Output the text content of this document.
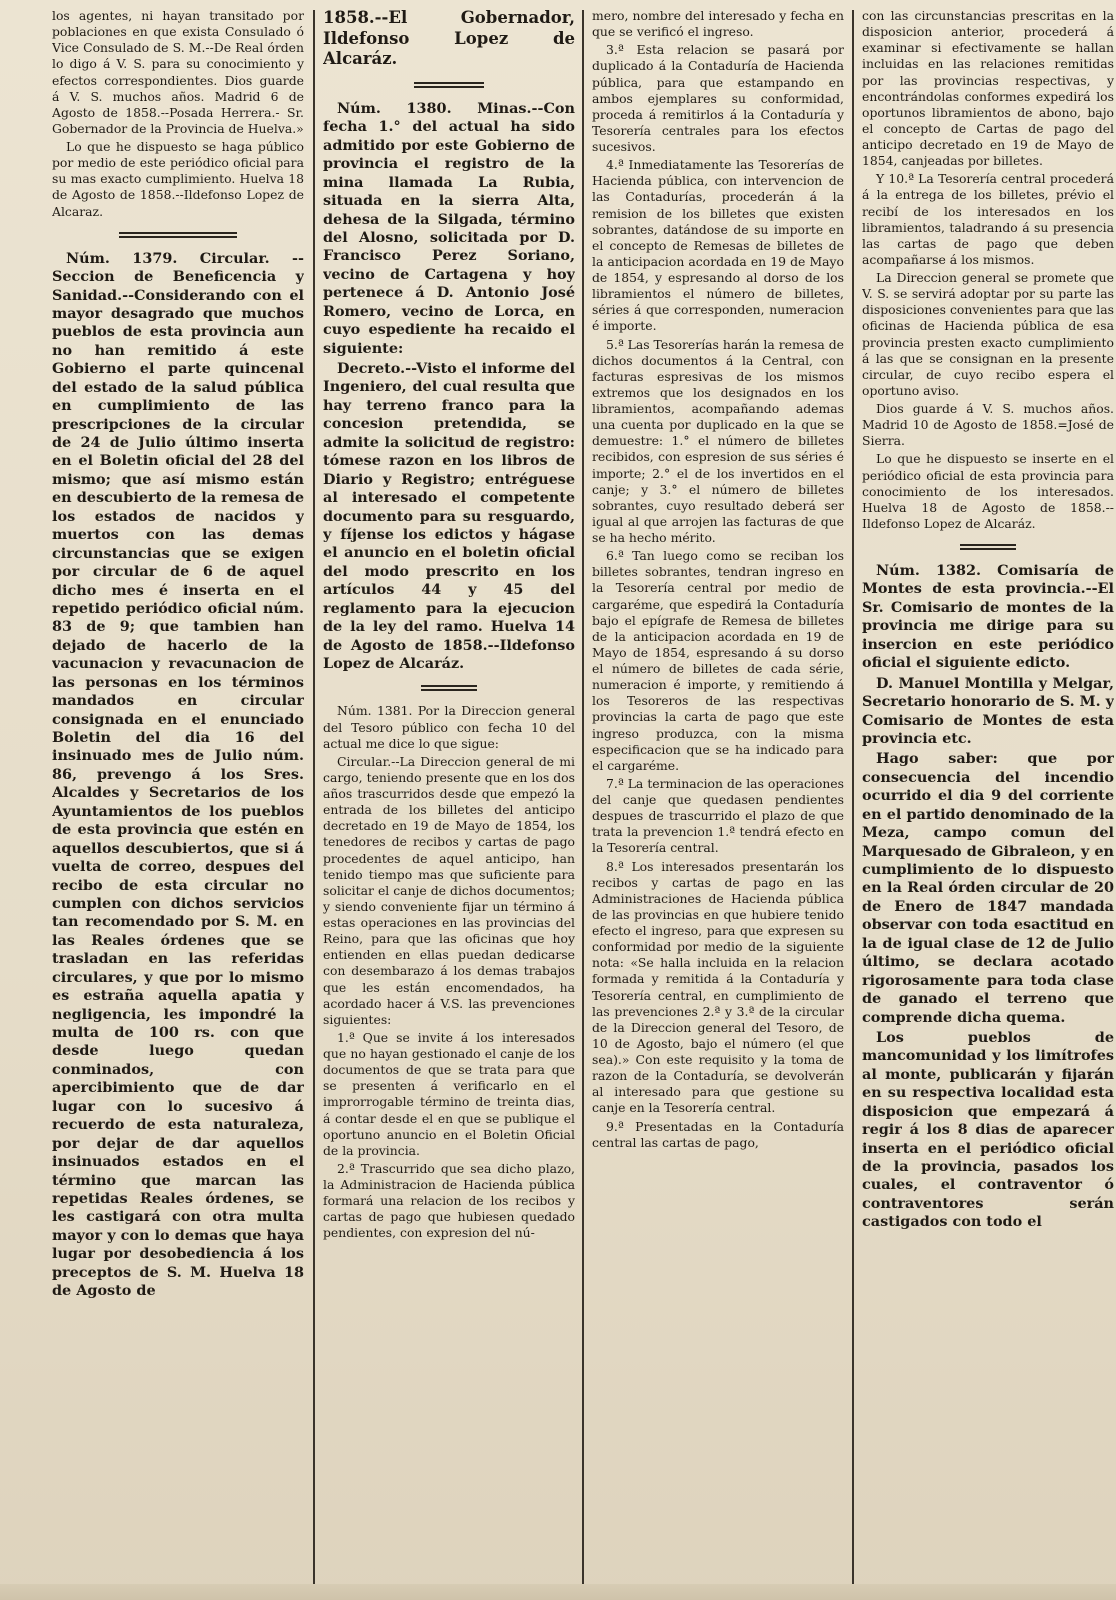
los agentes, ni hayan transitado por poblaciones en que exista Consulado ó Vice Consulado de S. M.--De Real órden lo digo á V. S. para su conocimiento y efectos correspondientes. Dios guarde á V. S. muchos años. Madrid 6 de Agosto de 1858.--Posada Herrera.- Sr. Gobernador de la Provincia de Huelva.»

Lo que he dispuesto se haga público por medio de este periódico oficial para su mas exacto cumplimiento. Huelva 18 de Agosto de 1858.--Ildefonso Lopez de Alcaraz.

Núm. 1379. Circular. --Seccion de Beneficencia y Sanidad.--Considerando con el mayor desagrado que muchos pueblos de esta provincia aun no han remitido á este Gobierno el parte quincenal del estado de la salud pública en cumplimiento de las prescripciones de la circular de 24 de Julio último inserta en el Boletin oficial del 28 del mismo; que así mismo están en descubierto de la remesa de los estados de nacidos y muertos con las demas circunstancias que se exigen por circular de 6 de aquel dicho mes é inserta en el repetido periódico oficial núm. 83 de 9; que tambien han dejado de hacerlo de la vacunacion y revacunacion de las personas en los términos mandados en circular consignada en el enunciado Boletin del dia 16 del insinuado mes de Julio núm. 86, prevengo á los Sres. Alcaldes y Secretarios de los Ayuntamientos de los pueblos de esta provincia que estén en aquellos descubiertos, que si á vuelta de correo, despues del recibo de esta circular no cumplen con dichos servicios tan recomendado por S. M. en las Reales órdenes que se trasladan en las referidas circulares, y que por lo mismo es estraña aquella apatia y negligencia, les impondré la multa de 100 rs. con que desde luego quedan conminados, con apercibimiento que de dar lugar con lo sucesivo á recuerdo de esta naturaleza, por dejar de dar aquellos insinuados estados en el término que marcan las repetidas Reales órdenes, se les castigará con otra multa mayor y con lo demas que haya lugar por desobediencia á los preceptos de S. M. Huelva 18 de Agosto de

1858.--El Gobernador, Ildefonso Lopez de Alcaráz.

Núm. 1380. Minas.--Con fecha 1.° del actual ha sido admitido por este Gobierno de provincia el registro de la mina llamada La Rubia, situada en la sierra Alta, dehesa de la Silgada, término del Alosno, solicitada por D. Francisco Perez Soriano, vecino de Cartagena y hoy pertenece á D. Antonio José Romero, vecino de Lorca, en cuyo espediente ha recaido el siguiente:

Decreto.--Visto el informe del Ingeniero, del cual resulta que hay terreno franco para la concesion pretendida, se admite la solicitud de registro: tómese razon en los libros de Diario y Registro; entréguese al interesado el competente documento para su resguardo, y fíjense los edictos y hágase el anuncio en el boletin oficial del modo prescrito en los artículos 44 y 45 del reglamento para la ejecucion de la ley del ramo. Huelva 14 de Agosto de 1858.--Ildefonso Lopez de Alcaráz.

Núm. 1381. Por la Direccion general del Tesoro público con fecha 10 del actual me dice lo que sigue:

Circular.--La Direccion general de mi cargo, teniendo presente que en los dos años trascurridos desde que empezó la entrada de los billetes del anticipo decretado en 19 de Mayo de 1854, los tenedores de recibos y cartas de pago procedentes de aquel anticipo, han tenido tiempo mas que suficiente para solicitar el canje de dichos documentos; y siendo conveniente fijar un término á estas operaciones en las provincias del Reino, para que las oficinas que hoy entienden en ellas puedan dedicarse con desembarazo á los demas trabajos que les están encomendados, ha acordado hacer á V.S. las prevenciones siguientes:

1.ª Que se invite á los interesados que no hayan gestionado el canje de los documentos de que se trata para que se presenten á verificarlo en el improrrogable término de treinta dias, á contar desde el en que se publique el oportuno anuncio en el Boletin Oficial de la provincia.

2.ª Trascurrido que sea dicho plazo, la Administracion de Hacienda pública formará una relacion de los recibos y cartas de pago que hubiesen quedado pendientes, con expresion del nú-

mero, nombre del interesado y fecha en que se verificó el ingreso.

3.ª Esta relacion se pasará por duplicado á la Contaduría de Hacienda pública, para que estampando en ambos ejemplares su conformidad, proceda á remitirlos á la Contaduría y Tesorería centrales para los efectos sucesivos.

4.ª Inmediatamente las Tesorerías de Hacienda pública, con intervencion de las Contadurías, procederán á la remision de los billetes que existen sobrantes, datándose de su importe en el concepto de Remesas de billetes de la anticipacion acordada en 19 de Mayo de 1854, y espresando al dorso de los libramientos el número de billetes, séries á que corresponden, numeracion é importe.

5.ª Las Tesorerías harán la remesa de dichos documentos á la Central, con facturas espresivas de los mismos extremos que los designados en los libramientos, acompañando ademas una cuenta por duplicado en la que se demuestre: 1.° el número de billetes recibidos, con espresion de sus séries é importe; 2.° el de los invertidos en el canje; y 3.° el número de billetes sobrantes, cuyo resultado deberá ser igual al que arrojen las facturas de que se ha hecho mérito.

6.ª Tan luego como se reciban los billetes sobrantes, tendran ingreso en la Tesorería central por medio de cargaréme, que espedirá la Contaduría bajo el epígrafe de Remesa de billetes de la anticipacion acordada en 19 de Mayo de 1854, espresando á su dorso el número de billetes de cada série, numeracion é importe, y remitiendo á los Tesoreros de las respectivas provincias la carta de pago que este ingreso produzca, con la misma especificacion que se ha indicado para el cargaréme.

7.ª La terminacion de las operaciones del canje que quedasen pendientes despues de trascurrido el plazo de que trata la prevencion 1.ª tendrá efecto en la Tesorería central.

8.ª Los interesados presentarán los recibos y cartas de pago en las Administraciones de Hacienda pública de las provincias en que hubiere tenido efecto el ingreso, para que expresen su conformidad por medio de la siguiente nota: «Se halla incluida en la relacion formada y remitida á la Contaduría y Tesorería central, en cumplimiento de las prevenciones 2.ª y 3.ª de la circular de la Direccion general del Tesoro, de 10 de Agosto, bajo el número (el que sea).» Con este requisito y la toma de razon de la Contaduría, se devolverán al interesado para que gestione su canje en la Tesorería central.

9.ª Presentadas en la Contaduría central las cartas de pago,

con las circunstancias prescritas en la disposicion anterior, procederá á examinar si efectivamente se hallan incluidas en las relaciones remitidas por las provincias respectivas, y encontrándolas conformes expedirá los oportunos libramientos de abono, bajo el concepto de Cartas de pago del anticipo decretado en 19 de Mayo de 1854, canjeadas por billetes.

Y 10.ª La Tesorería central procederá á la entrega de los billetes, prévio el recibí de los interesados en los libramientos, taladrando á su presencia las cartas de pago que deben acompañarse á los mismos.

La Direccion general se promete que V. S. se servirá adoptar por su parte las disposiciones convenientes para que las oficinas de Hacienda pública de esa provincia presten exacto cumplimiento á las que se consignan en la presente circular, de cuyo recibo espera el oportuno aviso.

Dios guarde á V. S. muchos años. Madrid 10 de Agosto de 1858.=José de Sierra.

Lo que he dispuesto se inserte en el periódico oficial de esta provincia para conocimiento de los interesados. Huelva 18 de Agosto de 1858.--Ildefonso Lopez de Alcaráz.

Núm. 1382. Comisaría de Montes de esta provincia.--El Sr. Comisario de montes de la provincia me dirige para su insercion en este periódico oficial el siguiente edicto.

D. Manuel Montilla y Melgar, Secretario honorario de S. M. y Comisario de Montes de esta provincia etc.

Hago saber: que por consecuencia del incendio ocurrido el dia 9 del corriente en el partido denominado de la Meza, campo comun del Marquesado de Gibraleon, y en cumplimiento de lo dispuesto en la Real órden circular de 20 de Enero de 1847 mandada observar con toda esactitud en la de igual clase de 12 de Julio último, se declara acotado rigorosamente para toda clase de ganado el terreno que comprende dicha quema.

Los pueblos de mancomunidad y los limítrofes al monte, publicarán y fijarán en su respectiva localidad esta disposicion que empezará á regir á los 8 dias de aparecer inserta en el periódico oficial de la provincia, pasados los cuales, el contraventor ó contraventores serán castigados con todo el
